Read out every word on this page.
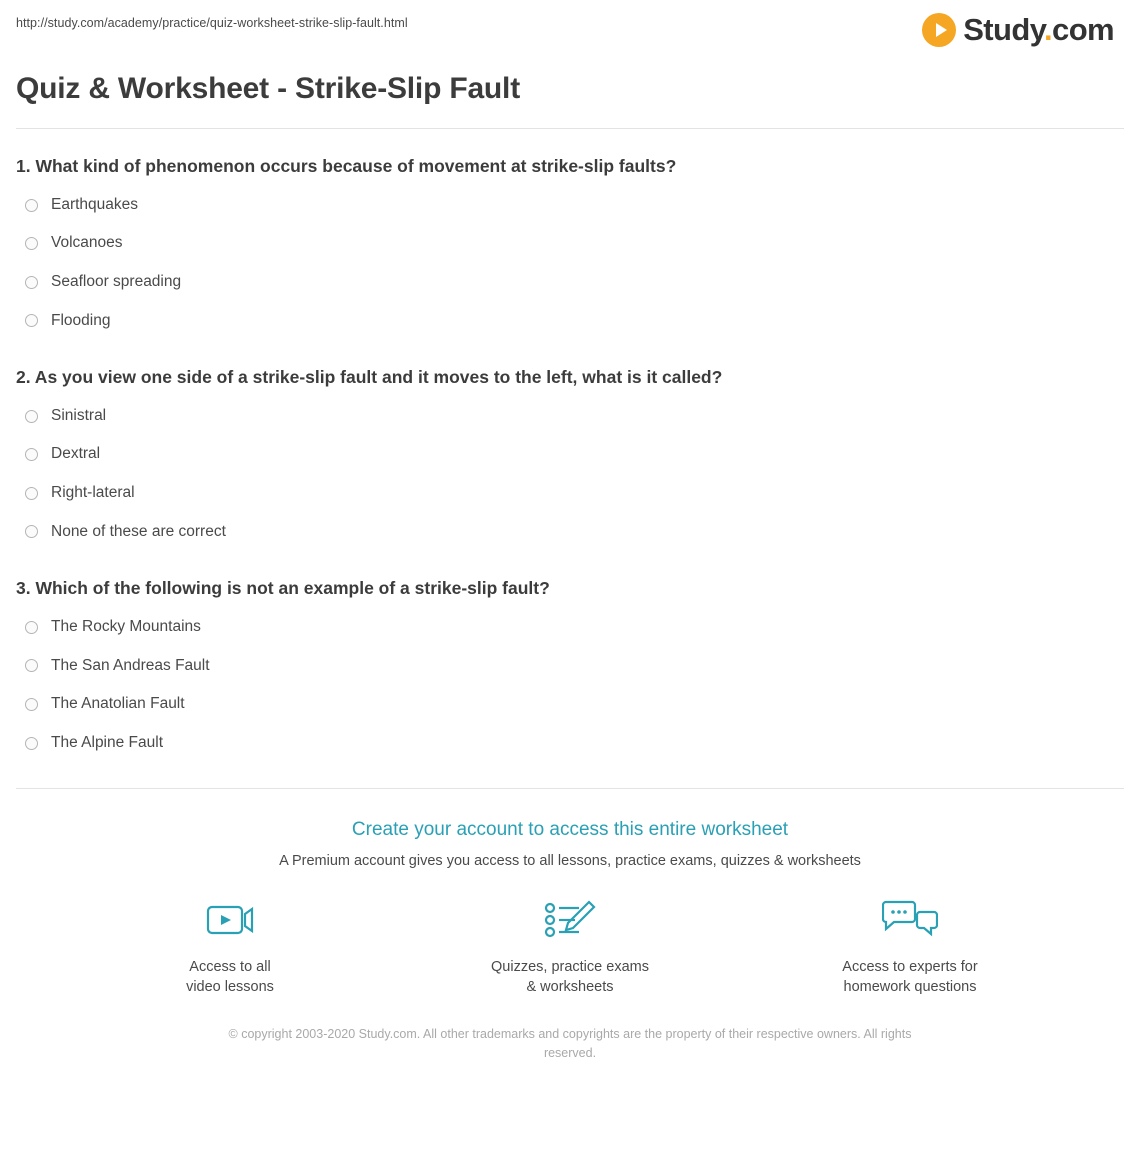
http://study.com/academy/practice/quiz-worksheet-strike-slip-fault.html	Study.com
Quiz & Worksheet - Strike-Slip Fault

1. What kind of phenomenon occurs because of movement at strike-slip faults?

Earthquakes
Volcanoes
Seafloor spreading
Flooding

2. As you view one side of a strike-slip fault and it moves to the left, what is it called?

Sinistral
Dextral
Right-lateral
None of these are correct

3. Which of the following is not an example of a strike-slip fault?

The Rocky Mountains
The San Andreas Fault
The Anatolian Fault
The Alpine Fault
Create your account to access this entire worksheet
A Premium account gives you access to all lessons, practice exams, quizzes & worksheets
Access to all
video lessons
Quizzes, practice exams
& worksheets
Access to experts for
homework questions
© copyright 2003-2020 Study.com. All other trademarks and copyrights are the property of their respective owners. All rights reserved.
